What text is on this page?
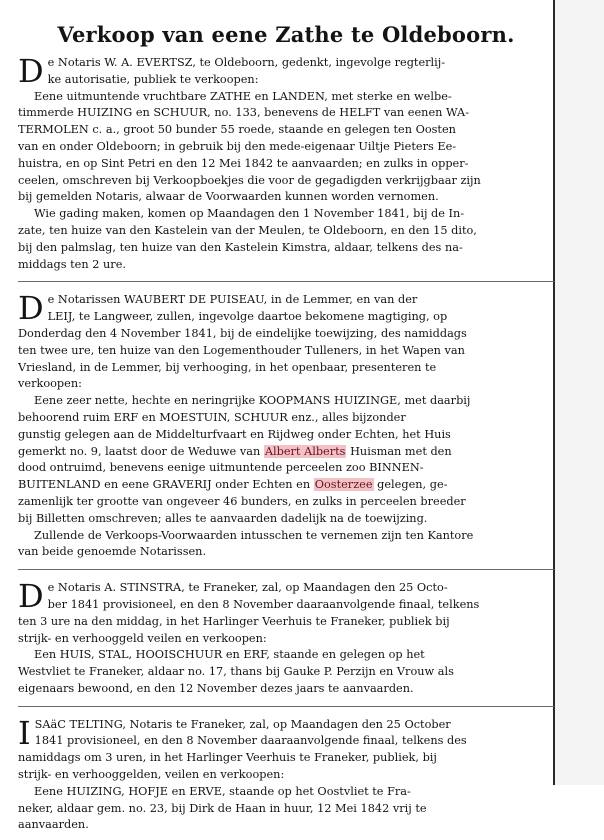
Verkoop van eene Zathe te Oldeboorn.
D e Notaris W. A. EVERTSZ, te Oldeboorn, gedenkt, ingevolge regterlij-
ke autorisatie, publiek te verkoopen:
Eene uitmuntende vruchtbare ZATHE en LANDEN, met sterke en welbe-
timmerde HUIZING en SCHUUR, no. 133, benevens de HELFT van eenen WA-
TERMOLEN c. a., groot 50 bunder 55 roede, staande en gelegen ten Oosten
van en onder Oldeboorn; in gebruik bij den mede-eigenaar Uiltje Pieters Ee-
huistra, en op Sint Petri en den 12 Mei 1842 te aanvaarden; en zulks in opper-
ceelen, omschreven bij Verkoopboekjes die voor de gegadigden verkrijgbaar zijn
bij gemelden Notaris, alwaar de Voorwaarden kunnen worden vernomen.
Wie gading maken, komen op Maandagen den 1 November 1841, bij de In-
zate, ten huize van den Kastelein van der Meulen, te Oldeboorn, en den 15 dito,
bij den palmslag, ten huize van den Kastelein Kimstra, aldaar, telkens des na-
middags ten 2 ure.
D e Notarissen WAUBERT DE PUISEAU, in de Lemmer, en van der
LEIJ, te Langweer, zullen, ingevolge daartoe bekomene magtiging, op
Donderdag den 4 November 1841, bij de eindelijke toewijzing, des namiddags
ten twee ure, ten huize van den Logementhouder Tulleners, in het Wapen van
Vriesland, in de Lemmer, bij verhooging, in het openbaar, presenteren te
verkoopen:
Eene zeer nette, hechte en neringrijke KOOPMANS HUIZINGE, met daarbij
behoorend ruim ERF en MOESTUIN, SCHUUR enz., alles bijzonder
gunstig gelegen aan de Middelturfvaart en Rijdweg onder Echten, het Huis
gemerkt no. 9, laatst door de Weduwe van Albert Alberts Huisman met den
dood ontruimd, benevens eenige uitmuntende perceelen zoo BINNEN-
BUITENLAND en eene GRAVERIJ onder Echten en Oosterzee gelegen, ge-
zamenlijk ter grootte van ongeveer 46 bunders, en zulks in perceelen breeder
bij Billetten omschreven; alles te aanvaarden dadelijk na de toewijzing.
Zullende de Verkoops-Voorwaarden intusschen te vernemen zijn ten Kantore
van beide genoemde Notarissen.
D e Notaris A. STINSTRA, te Franeker, zal, op Maandagen den 25 Octo-
ber 1841 provisioneel, en den 8 November daaraanvolgende finaal, telkens
ten 3 ure na den middag, in het Harlinger Veerhuis te Franeker, publiek bij
strijk- en verhooggeld veilen en verkoopen:
Een HUIS, STAL, HOOISCHUUR en ERF, staande en gelegen op het
Westvliet te Franeker, aldaar no. 17, thans bij Gauke P. Perzijn en Vrouw als
eigenaars bewoond, en den 12 November dezes jaars te aanvaarden.
I SAäC TELTING, Notaris te Franeker, zal, op Maandagen den 25 October
1841 provisioneel, en den 8 November daaraanvolgende finaal, telkens des
namiddags om 3 uren, in het Harlinger Veerhuis te Franeker, publiek, bij
strijk- en verhooggelden, veilen en verkoopen:
Eene HUIZING, HOFJE en ERVE, staande op het Oostvliet te Fra-
neker, aldaar gem. no. 23, bij Dirk de Haan in huur, 12 Mei 1842 vrij te
aanvaarden.
